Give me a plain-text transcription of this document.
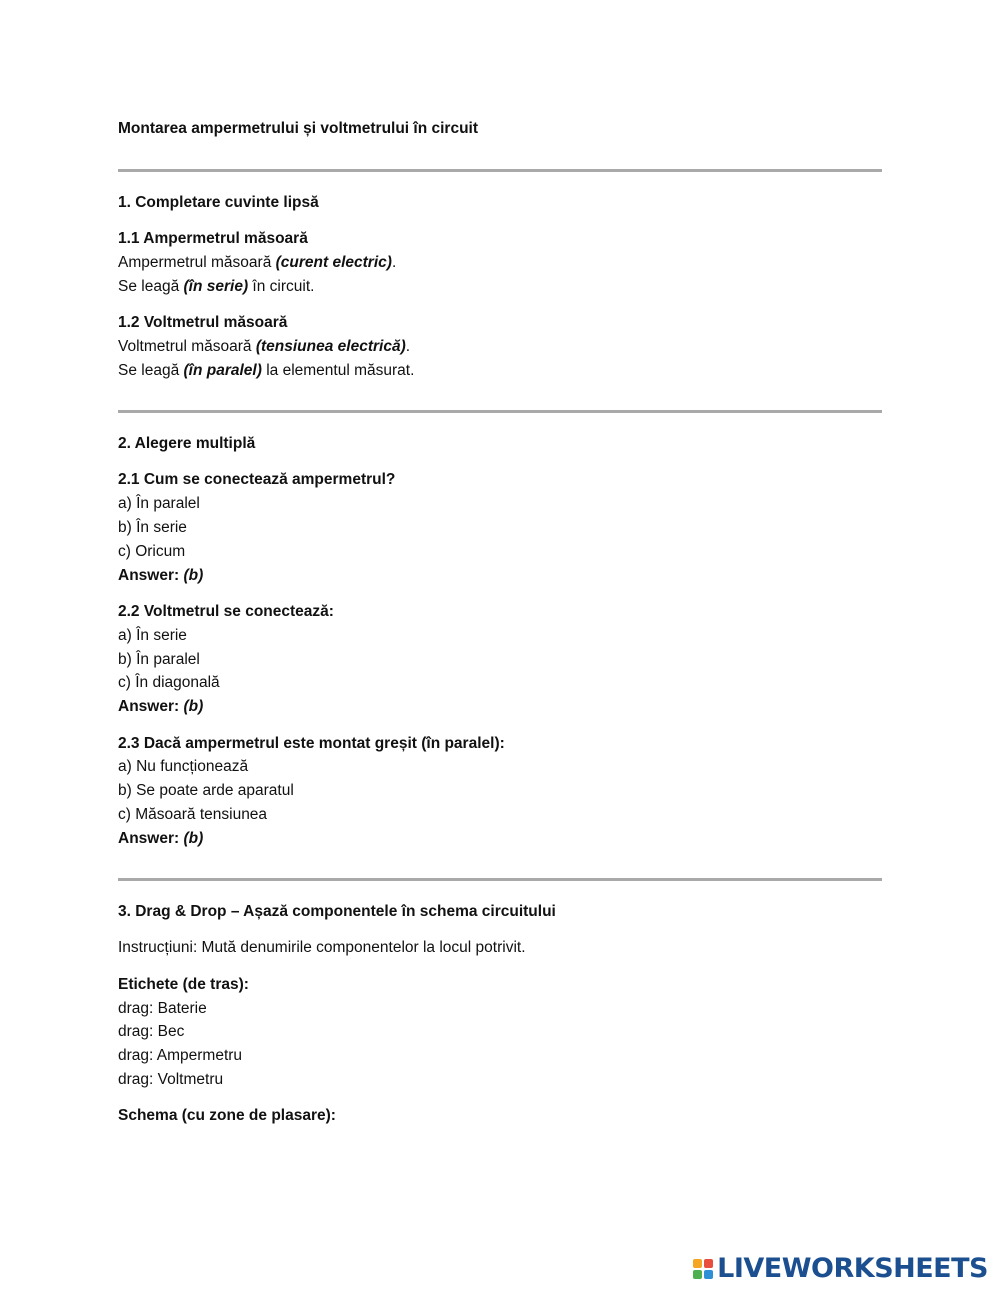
Montarea ampermetrului și voltmetrului în circuit
1. Completare cuvinte lipsă
1.1 Ampermetrul măsoară
Ampermetrul măsoară (curent electric).
Se leagă (în serie) în circuit.
1.2 Voltmetrul măsoară
Voltmetrul măsoară (tensiunea electrică).
Se leagă (în paralel) la elementul măsurat.
2. Alegere multiplă
2.1 Cum se conectează ampermetrul?
a) În paralel
b) În serie
c) Oricum
Answer: (b)
2.2 Voltmetrul se conectează:
a) În serie
b) În paralel
c) În diagonală
Answer: (b)
2.3 Dacă ampermetrul este montat greșit (în paralel):
a) Nu funcționează
b) Se poate arde aparatul
c) Măsoară tensiunea
Answer: (b)
3. Drag & Drop – Așază componentele în schema circuitului
Instrucțiuni: Mută denumirile componentelor la locul potrivit.
Etichete (de tras):
drag: Baterie
drag: Bec
drag: Ampermetru
drag: Voltmetru
Schema (cu zone de plasare):
LIVEWORKSHEETS
